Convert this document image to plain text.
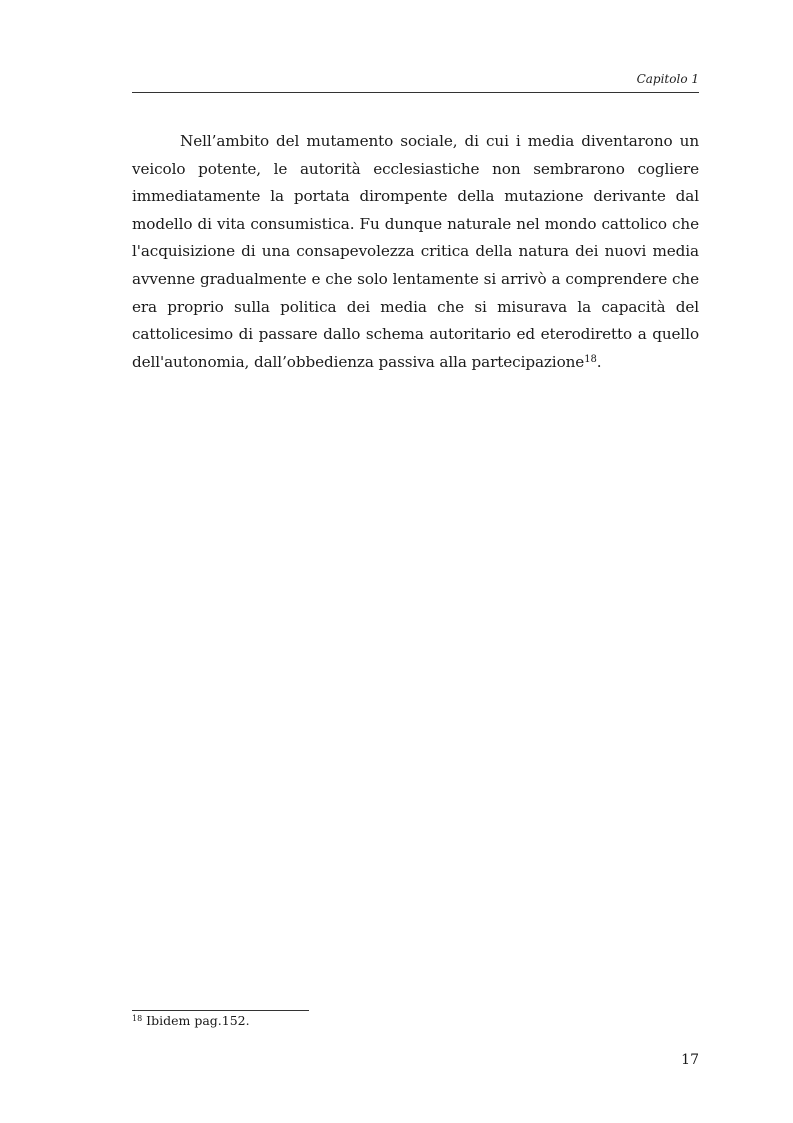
Capitolo 1

Nell’ambito del mutamento sociale, di cui i media diventarono un veicolo potente, le autorità ecclesiastiche non sembrarono cogliere immediatamente la portata dirompente della mutazione derivante dal modello di vita consumistica. Fu dunque naturale nel mondo cattolico che l'acquisizione di una consapevolezza critica della natura dei nuovi media avvenne gradualmente e che solo lentamente si arrivò a comprendere che era proprio sulla politica dei media che si misurava la capacità del cattolicesimo di passare dallo schema autoritario ed eterodiretto a quello dell'autonomia, dall’obbedienza passiva alla partecipazione$^{18}$.

$^{18}$ Ibidem pag.152.
17
